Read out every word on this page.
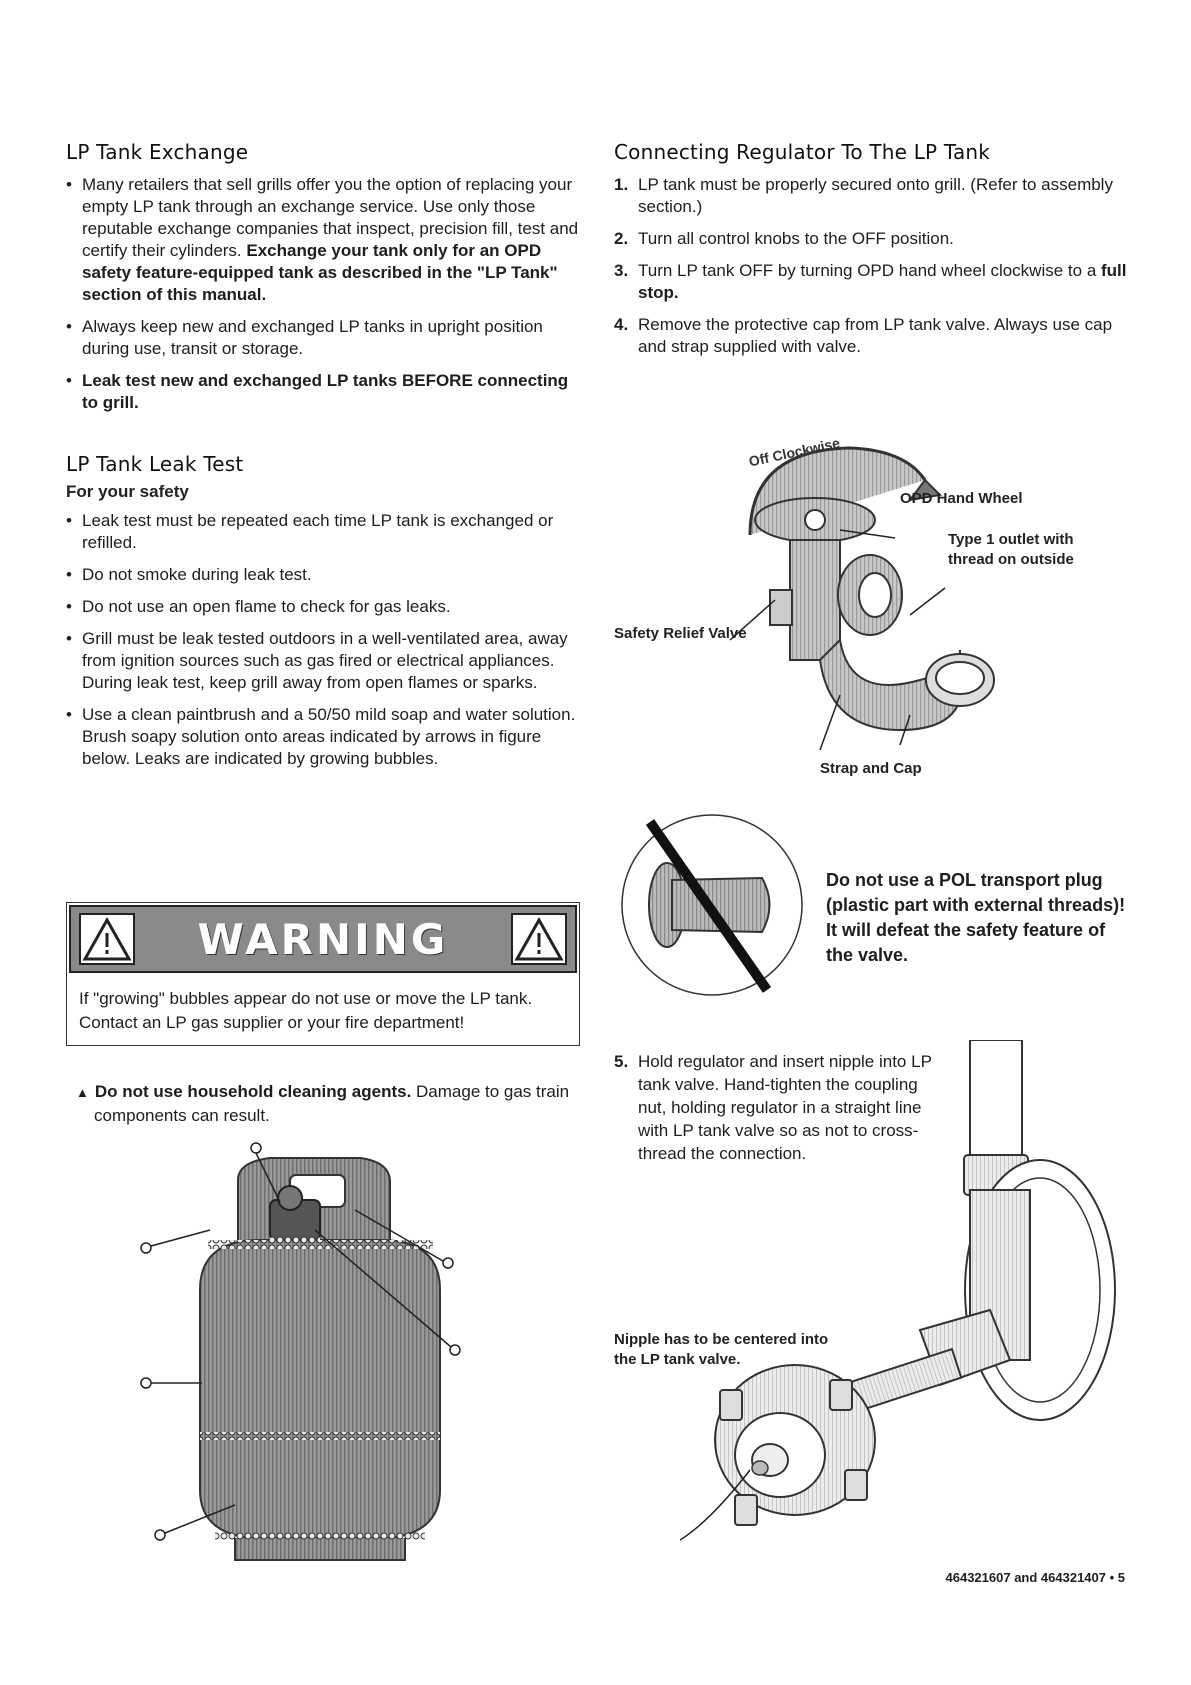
LP Tank Exchange
• Many retailers that sell grills offer you the option of replacing your empty LP tank through an exchange service. Use only those reputable exchange companies that inspect, precision fill, test and certify their cylinders. Exchange your tank only for an OPD safety feature-equipped tank as described in the "LP Tank" section of this manual.
• Always keep new and exchanged LP tanks in upright position during use, transit or storage.
• Leak test new and exchanged LP tanks BEFORE connecting to grill.
LP Tank Leak Test
For your safety
• Leak test must be repeated each time LP tank is exchanged or refilled.
• Do not smoke during leak test.
• Do not use an open flame to check for gas leaks.
• Grill must be leak tested outdoors in a well-ventilated area, away from ignition sources such as gas fired or electrical appliances. During leak test, keep grill away from open flames or sparks.
• Use a clean paintbrush and a 50/50 mild soap and water solution. Brush soapy solution onto areas indicated by arrows in figure below. Leaks are indicated by growing bubbles.
WARNING
If "growing" bubbles appear do not use or move the LP tank. Contact an LP gas supplier or your fire department!
▲ Do not use household cleaning agents. Damage to gas train components can result.
Connecting Regulator To The LP Tank
1. LP tank must be properly secured onto grill. (Refer to assembly section.)
2. Turn all control knobs to the OFF position.
3. Turn LP tank OFF by turning OPD hand wheel clockwise to a full stop.
4. Remove the protective cap from LP tank valve. Always use cap and strap supplied with valve.
Off Clockwise
OPD Hand Wheel
Type 1 outlet with thread on outside
Safety Relief Valve
Strap and Cap
Do not use a POL transport plug (plastic part with external threads)! It will defeat the safety feature of the valve.
5. Hold regulator and insert nipple into LP tank valve. Hand-tighten the coupling nut, holding regulator in a straight line with LP tank valve so as not to cross-thread the connection.
Nipple has to be centered into the LP tank valve.
464321607 and 464321407 • 5
